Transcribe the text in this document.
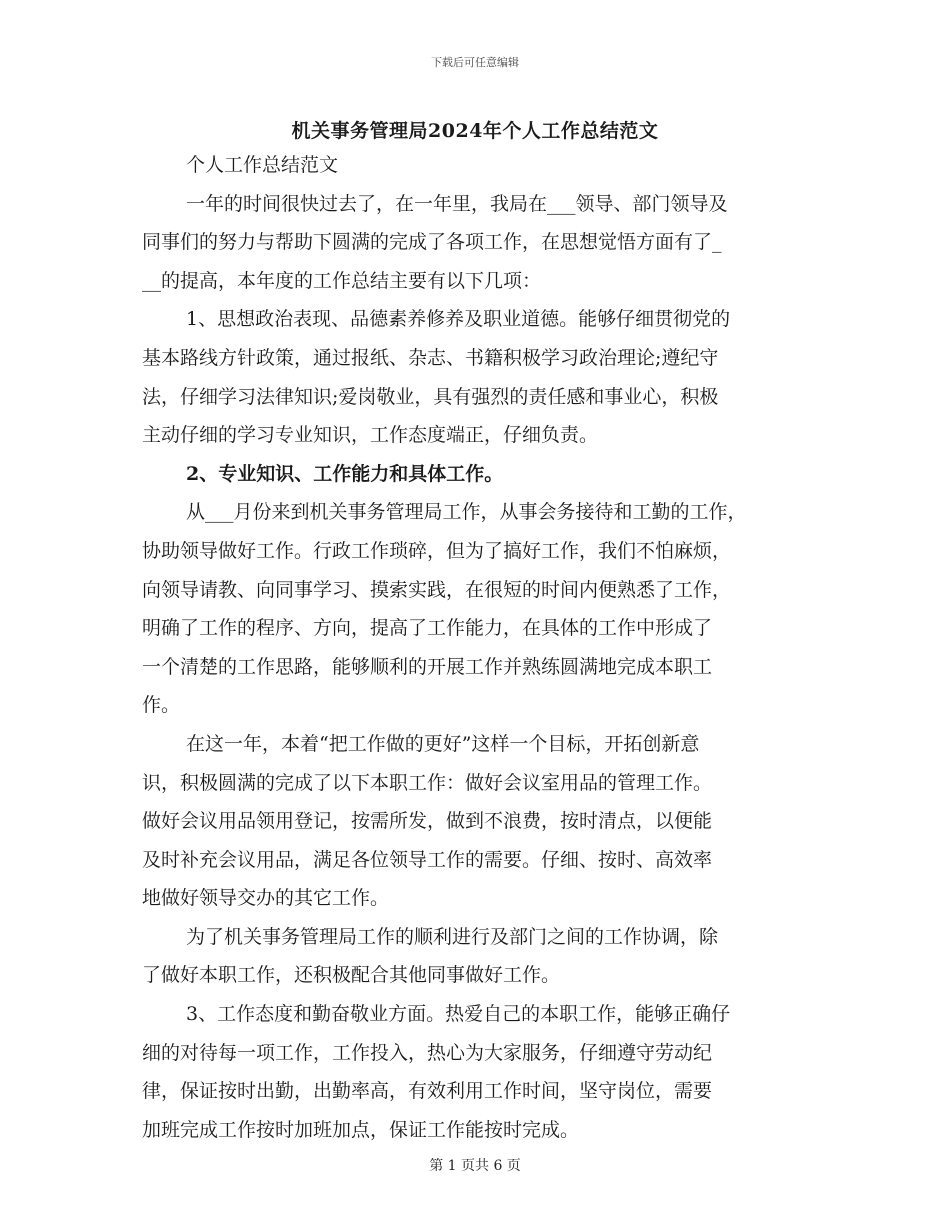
下载后可任意编辑
机关事务管理局2024年个人工作总结范文
个人工作总结范文
一年的时间很快过去了，在一年里，我局在___领导、部门领导及
同事们的努力与帮助下圆满的完成了各项工作，在思想觉悟方面有了_
__的提高，本年度的工作总结主要有以下几项：
1、思想政治表现、品德素养修养及职业道德。能够仔细贯彻党的
基本路线方针政策，通过报纸、杂志、书籍积极学习政治理论;遵纪守
法，仔细学习法律知识;爱岗敬业，具有强烈的责任感和事业心，积极
主动仔细的学习专业知识，工作态度端正，仔细负责。
2、专业知识、工作能力和具体工作。
从___月份来到机关事务管理局工作，从事会务接待和工勤的工作，
协助领导做好工作。行政工作琐碎，但为了搞好工作，我们不怕麻烦，
向领导请教、向同事学习、摸索实践，在很短的时间内便熟悉了工作，
明确了工作的程序、方向，提高了工作能力，在具体的工作中形成了
一个清楚的工作思路，能够顺利的开展工作并熟练圆满地完成本职工
作。
在这一年，本着“把工作做的更好”这样一个目标，开拓创新意
识，积极圆满的完成了以下本职工作：做好会议室用品的管理工作。
做好会议用品领用登记，按需所发，做到不浪费，按时清点，以便能
及时补充会议用品，满足各位领导工作的需要。仔细、按时、高效率
地做好领导交办的其它工作。
为了机关事务管理局工作的顺利进行及部门之间的工作协调，除
了做好本职工作，还积极配合其他同事做好工作。
3、工作态度和勤奋敬业方面。热爱自己的本职工作，能够正确仔
细的对待每一项工作，工作投入，热心为大家服务，仔细遵守劳动纪
律，保证按时出勤，出勤率高，有效利用工作时间，坚守岗位，需要
加班完成工作按时加班加点，保证工作能按时完成。
第 1 页共 6 页
